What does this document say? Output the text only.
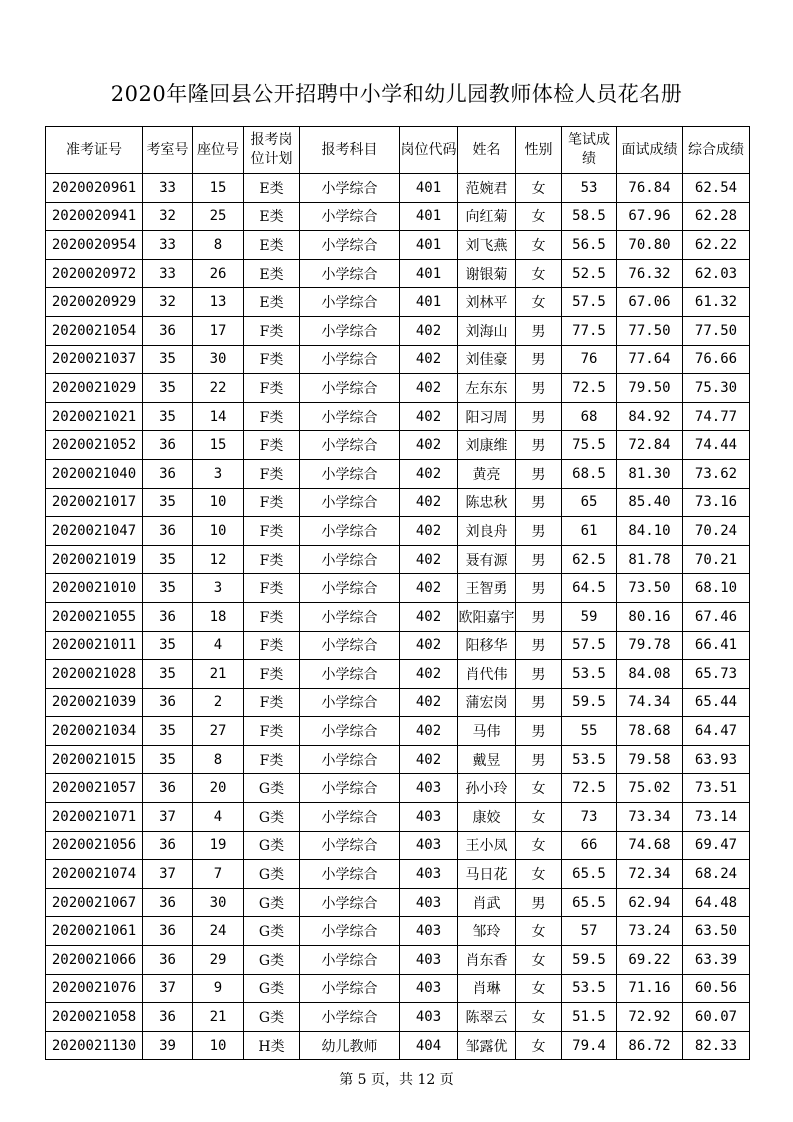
2020年隆回县公开招聘中小学和幼儿园教师体检人员花名册
准考证号	考室号	座位号	报考岗位计划	报考科目	岗位代码	姓名	性别	笔试成绩	面试成绩	综合成绩
2020020961	33	15	E类	小学综合	401	范婉君	女	53	76.84	62.54
2020020941	32	25	E类	小学综合	401	向红菊	女	58.5	67.96	62.28
2020020954	33	8	E类	小学综合	401	刘飞燕	女	56.5	70.80	62.22
2020020972	33	26	E类	小学综合	401	谢银菊	女	52.5	76.32	62.03
2020020929	32	13	E类	小学综合	401	刘林平	女	57.5	67.06	61.32
2020021054	36	17	F类	小学综合	402	刘海山	男	77.5	77.50	77.50
2020021037	35	30	F类	小学综合	402	刘佳豪	男	76	77.64	76.66
2020021029	35	22	F类	小学综合	402	左东东	男	72.5	79.50	75.30
2020021021	35	14	F类	小学综合	402	阳习周	男	68	84.92	74.77
2020021052	36	15	F类	小学综合	402	刘康维	男	75.5	72.84	74.44
2020021040	36	3	F类	小学综合	402	黄亮	男	68.5	81.30	73.62
2020021017	35	10	F类	小学综合	402	陈忠秋	男	65	85.40	73.16
2020021047	36	10	F类	小学综合	402	刘良舟	男	61	84.10	70.24
2020021019	35	12	F类	小学综合	402	聂有源	男	62.5	81.78	70.21
2020021010	35	3	F类	小学综合	402	王智勇	男	64.5	73.50	68.10
2020021055	36	18	F类	小学综合	402	欧阳嘉宇	男	59	80.16	67.46
2020021011	35	4	F类	小学综合	402	阳移华	男	57.5	79.78	66.41
2020021028	35	21	F类	小学综合	402	肖代伟	男	53.5	84.08	65.73
2020021039	36	2	F类	小学综合	402	蒲宏岗	男	59.5	74.34	65.44
2020021034	35	27	F类	小学综合	402	马伟	男	55	78.68	64.47
2020021015	35	8	F类	小学综合	402	戴昱	男	53.5	79.58	63.93
2020021057	36	20	G类	小学综合	403	孙小玲	女	72.5	75.02	73.51
2020021071	37	4	G类	小学综合	403	康姣	女	73	73.34	73.14
2020021056	36	19	G类	小学综合	403	王小凤	女	66	74.68	69.47
2020021074	37	7	G类	小学综合	403	马日花	女	65.5	72.34	68.24
2020021067	36	30	G类	小学综合	403	肖武	男	65.5	62.94	64.48
2020021061	36	24	G类	小学综合	403	邹玲	女	57	73.24	63.50
2020021066	36	29	G类	小学综合	403	肖东香	女	59.5	69.22	63.39
2020021076	37	9	G类	小学综合	403	肖琳	女	53.5	71.16	60.56
2020021058	36	21	G类	小学综合	403	陈翠云	女	51.5	72.92	60.07
2020021130	39	10	H类	幼儿教师	404	邹露优	女	79.4	86.72	82.33
第 5 页，共 12 页
